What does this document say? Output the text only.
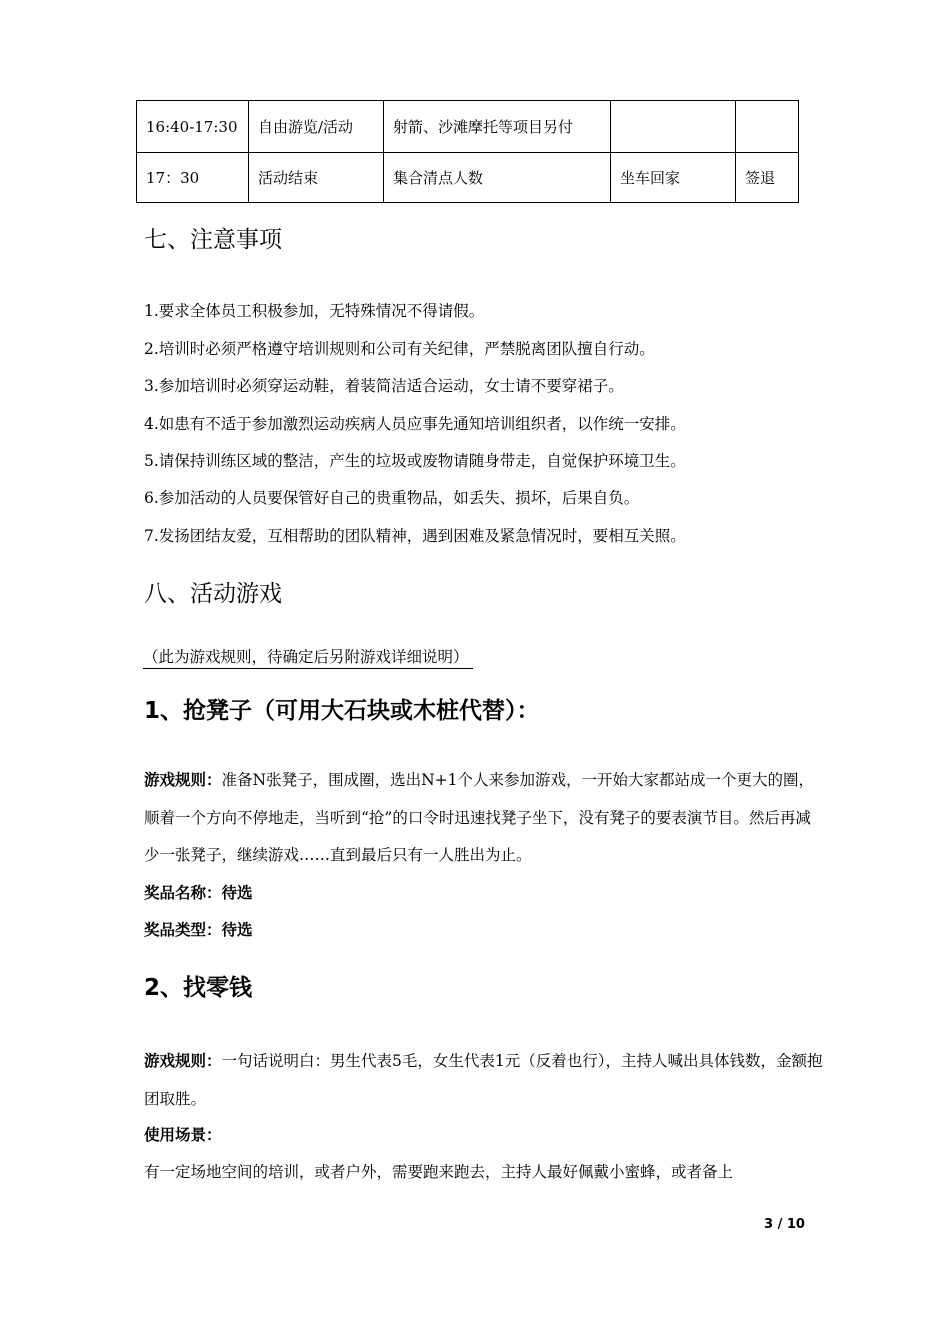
16:40-17:30	自由游览/活动	射箭、沙滩摩托等项目另付		
17：30	活动结束	集合清点人数	坐车回家	签退
七、注意事项
1.要求全体员工积极参加，无特殊情况不得请假。
2.培训时必须严格遵守培训规则和公司有关纪律，严禁脱离团队擅自行动。
3.参加培训时必须穿运动鞋，着装简洁适合运动，女士请不要穿裙子。
4.如患有不适于参加激烈运动疾病人员应事先通知培训组织者，以作统一安排。
5.请保持训练区域的整洁，产生的垃圾或废物请随身带走，自觉保护环境卫生。
6.参加活动的人员要保管好自己的贵重物品，如丢失、损坏，后果自负。
7.发扬团结友爱，互相帮助的团队精神，遇到困难及紧急情况时，要相互关照。
八、活动游戏
（此为游戏规则，待确定后另附游戏详细说明）
1、抢凳子（可用大石块或木桩代替）：
游戏规则：准备N张凳子，围成圈，选出N+1个人来参加游戏，一开始大家都站成一个更大的圈，顺着一个方向不停地走，当听到“抢”的口令时迅速找凳子坐下，没有凳子的要表演节目。然后再减少一张凳子，继续游戏……直到最后只有一人胜出为止。
奖品名称：待选
奖品类型：待选
2、找零钱
游戏规则：一句话说明白：男生代表5毛，女生代表1元（反着也行），主持人喊出具体钱数，金额抱团取胜。
使用场景：
有一定场地空间的培训，或者户外，需要跑来跑去，主持人最好佩戴小蜜蜂，或者备上
3 / 10
